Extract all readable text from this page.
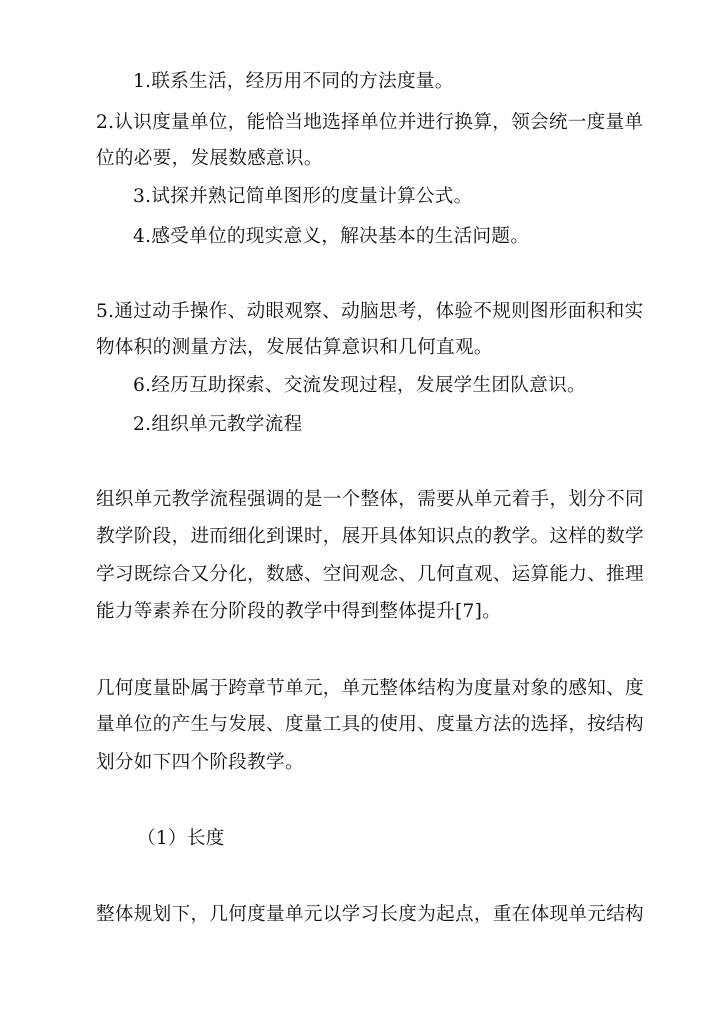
1.联系生活，经历用不同的方法度量。
2.认识度量单位，能恰当地选择单位并进行换算，领会统一度量单
位的必要，发展数感意识。
3.试探并熟记简单图形的度量计算公式。
4.感受单位的现实意义，解决基本的生活问题。
5.通过动手操作、动眼观察、动脑思考，体验不规则图形面积和实
物体积的测量方法，发展估算意识和几何直观。
6.经历互助探索、交流发现过程，发展学生团队意识。
2.组织单元教学流程
组织单元教学流程强调的是一个整体，需要从单元着手，划分不同
教学阶段，进而细化到课时，展开具体知识点的教学。这样的数学
学习既综合又分化，数感、空间观念、几何直观、运算能力、推理
能力等素养在分阶段的教学中得到整体提升[7]。
几何度量卧属于跨章节单元，单元整体结构为度量对象的感知、度
量单位的产生与发展、度量工具的使用、度量方法的选择，按结构
划分如下四个阶段教学。
（1）长度
整体规划下，几何度量单元以学习长度为起点，重在体现单元结构
